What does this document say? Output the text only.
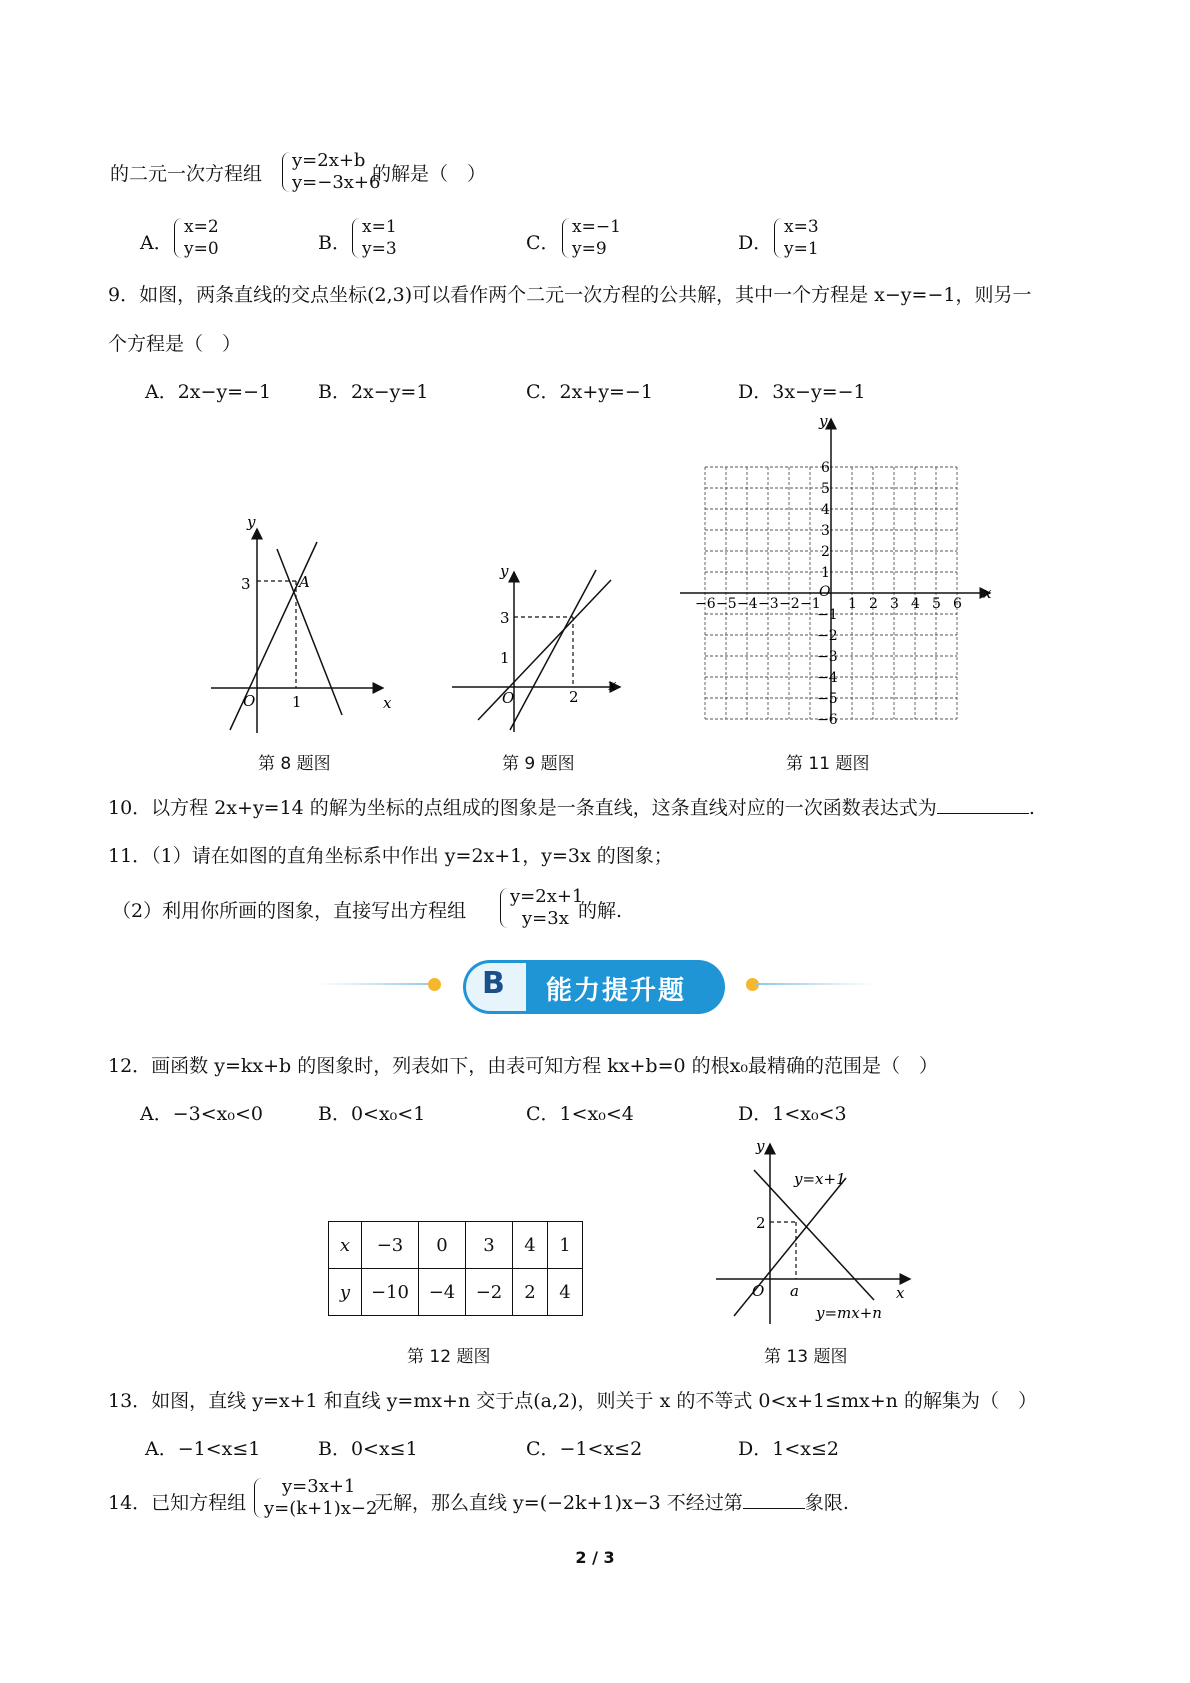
的二元一次方程组
y=2x+b
y=−3x+6
的解是（　）
A．
x=2
y=0	B．
x=1
y=3	C．
x=−1
y=9	D．
x=3
y=1
9．如图，两条直线的交点坐标(2,3)可以看作两个二元一次方程的公共解，其中一个方程是 x−y=−1，则另一
个方程是（　）
A．2x−y=−1 B．2x−y=1	C．2x+y=−1	D．3x−y=−1
y
x
3
1
O
A
第 8 题图
y
x
3
1
2
O
第 9 题图
−6 −5 −4 −3 −2 −1 1 2 3 4 5 6
6
5
4
3
2
1
−1
−2
−3
−4
−5
−6
y
x
O
第 11 题图
10．以方程 2x+y=14 的解为坐标的点组成的图象是一条直线，这条直线对应的一次函数表达式为	.
11．（1）请在如图的直角坐标系中作出 y=2x+1，y=3x 的图象；
（2）利用你所画的图象，直接写出方程组
y=2x+1
y=3x 的解.
B 能力提升题
12．画函数 y=kx+b 的图象时，列表如下，由表可知方程 kx+b=0 的根x₀最精确的范围是（　）
A．−3<x₀<0	B．0<x₀<1	C．1<x₀<4	D．1<x₀<3
x	−3	0	3	4	1
y	−10	−4	−2	2	4
第 12 题图
y
x
2
a
O
y=x+1
y=mx+n
第 13 题图
13．如图，直线 y=x+1 和直线 y=mx+n 交于点(a,2)，则关于 x 的不等式 0<x+1≤mx+n 的解集为（　）
A．−1<x≤1	B．0<x≤1	C．−1<x≤2	D．1<x≤2
14．已知方程组
y=3x+1
y=(k+1)x−2
无解，那么直线 y=(−2k+1)x−3 不经过第	象限.
2 / 3
